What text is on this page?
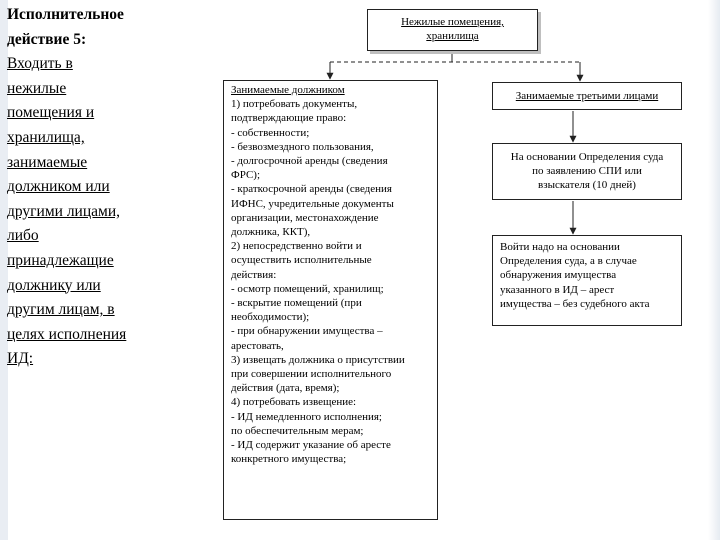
Исполнительное
действие 5:
Входить в
нежилые
помещения и
хранилища,
занимаемые
должником или
другими лицами,
либо
принадлежащие
должнику или
другим лицам, в
целях исполнения
ИД:
Нежилые помещения,
хранилища
Занимаемые должником
1) потребовать документы,
подтверждающие право:
- собственности;
- безвозмездного пользования,
- долгосрочной аренды (сведения
ФРС);
- краткосрочной аренды (сведения
ИФНС, учредительные документы
организации, местонахождение
должника, ККТ),
2) непосредственно войти и
осуществить исполнительные
действия:
- осмотр помещений, хранилищ;
- вскрытие помещений (при
необходимости);
- при обнаружении имущества –
арестовать,
3) извещать должника о присутствии
при совершении исполнительного
действия (дата, время);
4) потребовать извещение:
- ИД немедленного исполнения;
по обеспечительным мерам;
- ИД содержит указание об аресте
конкретного имущества;
Занимаемые третьими лицами
На основании Определения суда
по заявлению СПИ или
взыскателя (10 дней)
Войти надо на основании
Определения суда, а в случае
обнаружения имущества
указанного в ИД – арест
имущества – без судебного акта
